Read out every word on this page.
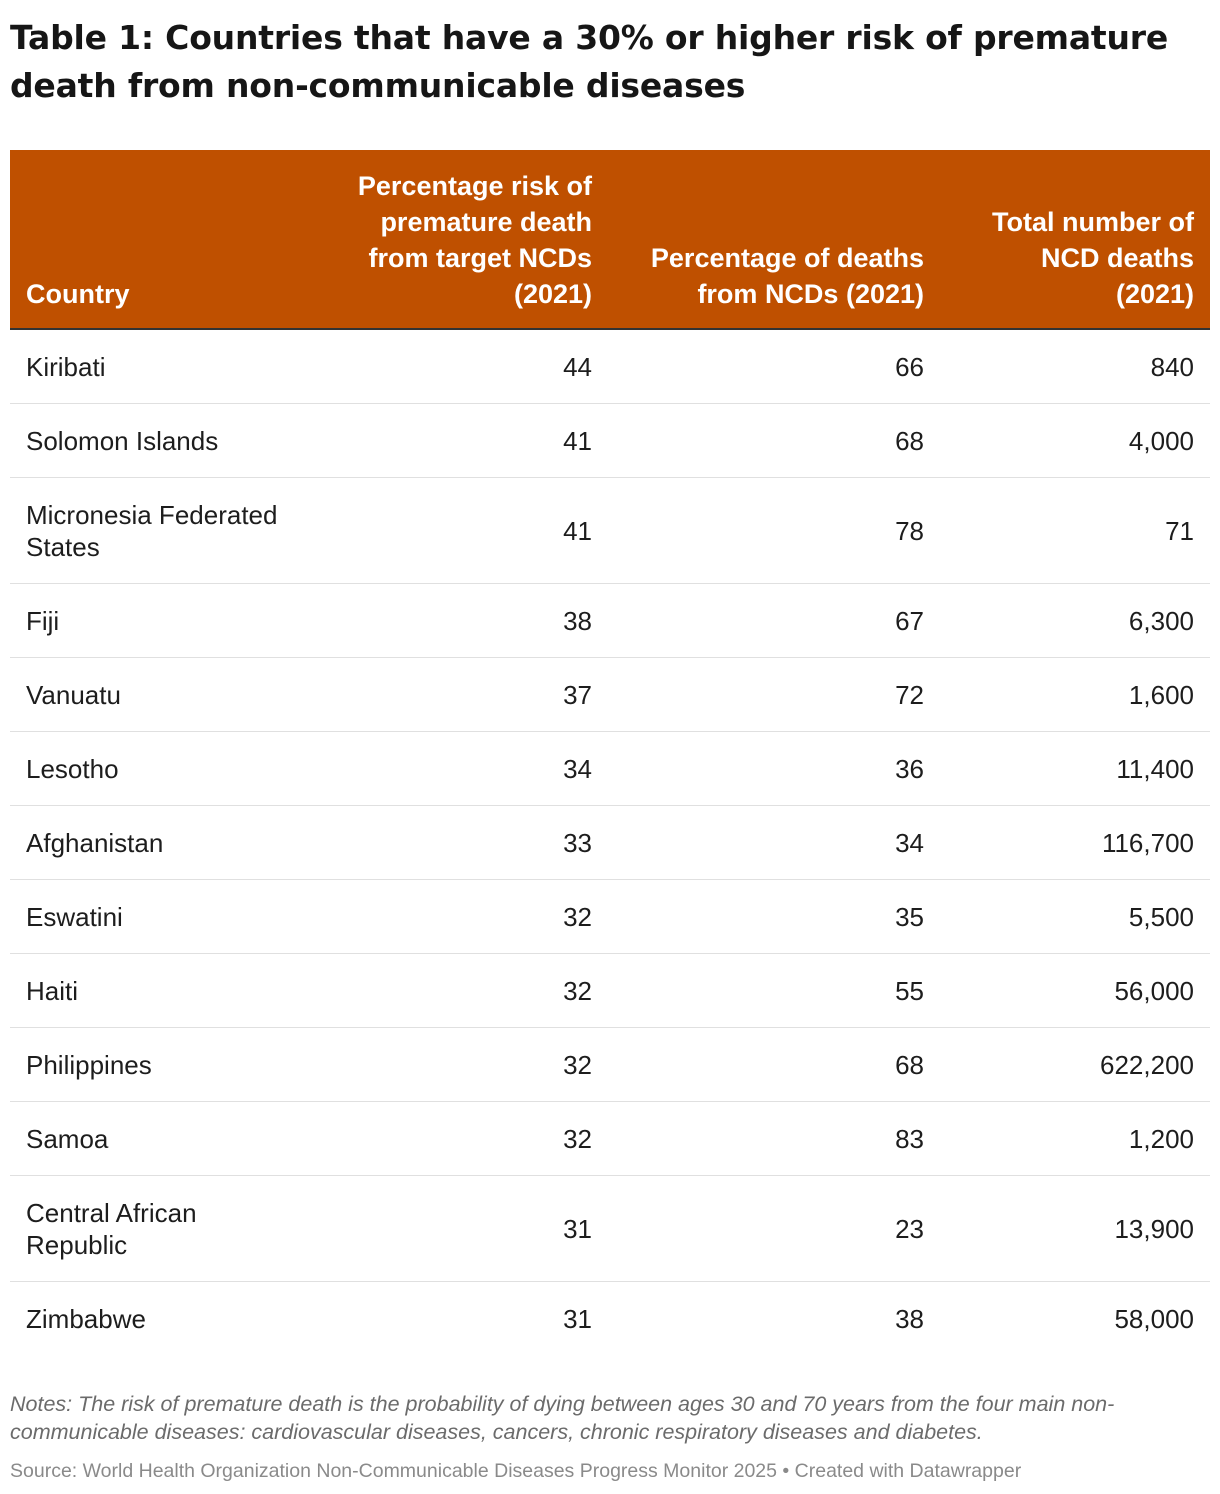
Table 1: Countries that have a 30% or higher risk of premature death from non-communicable diseases
Country	Percentage risk of premature death from target NCDs (2021)	Percentage of deaths from NCDs (2021)	Total number of NCD deaths (2021)
Kiribati	44	66	840
Solomon Islands	41	68	4,000
Micronesia Federated States	41	78	71
Fiji	38	67	6,300
Vanuatu	37	72	1,600
Lesotho	34	36	11,400
Afghanistan	33	34	116,700
Eswatini	32	35	5,500
Haiti	32	55	56,000
Philippines	32	68	622,200
Samoa	32	83	1,200
Central African Republic	31	23	13,900
Zimbabwe	31	38	58,000
Notes: The risk of premature death is the probability of dying between ages 30 and 70 years from the four main non-communicable diseases: cardiovascular diseases, cancers, chronic respiratory diseases and diabetes.
Source: World Health Organization Non-Communicable Diseases Progress Monitor 2025 • Created with Datawrapper
